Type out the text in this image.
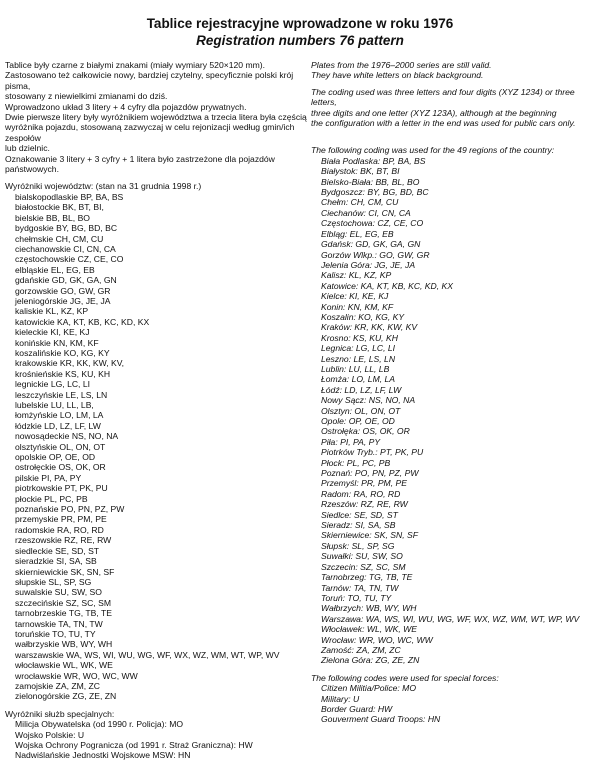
Tablice rejestracyjne wprowadzone w roku 1976

Registration numbers 76 pattern

Tablice były czarne z białymi znakami (miały wymiary 520×120 mm).

Zastosowano też całkowicie nowy, bardziej czytelny, specyficznie polski krój pisma,

stosowany z niewielkimi zmianami do dziś.

Wprowadzono układ 3 litery + 4 cyfry dla pojazdów prywatnych.

Dwie pierwsze litery były wyróżnikiem województwa a trzecia litera była częścią

wyróżnika pojazdu, stosowaną zazwyczaj w celu rejonizacji według gmin/ich zespołów

lub dzielnic.

Oznakowanie 3 litery + 3 cyfry + 1 litera było zastrzeżone dla pojazdów państwowych.

Wyróżniki województw: (stan na 31 grudnia 1998 r.)

bialskopodlaskie BP, BA, BS
białostockie BK, BT, BI,
bielskie BB, BL, BO
bydgoskie BY, BG, BD, BC
chełmskie CH, CM, CU
ciechanowskie CI, CN, CA
częstochowskie CZ, CE, CO
elbląskie EL, EG, EB
gdańskie GD, GK, GA, GN
gorzowskie GO, GW, GR
jeleniogórskie JG, JE, JA
kaliskie KL, KZ, KP
katowickie KA, KT, KB, KC, KD, KX
kieleckie KI, KE, KJ
konińskie KN, KM, KF
koszalińskie KO, KG, KY
krakowskie KR, KK, KW, KV,
krośnieńskie KS, KU, KH
legnickie LG, LC, LI
leszczyńskie LE, LS, LN
lubelskie LU, LL, LB,
łomżyńskie LO, LM, LA
łódzkie LD, LZ, LF, LW
nowosądeckie NS, NO, NA
olsztyńskie OL, ON, OT
opolskie OP, OE, OD
ostrołęckie OS, OK, OR
pilskie PI, PA, PY
piotrkowskie PT, PK, PU
płockie PL, PC, PB
poznańskie PO, PN, PZ, PW
przemyskie PR, PM, PE
radomskie RA, RO, RD
rzeszowskie RZ, RE, RW
siedleckie SE, SD, ST
sieradzkie SI, SA, SB
skierniewickie SK, SN, SF
słupskie SL, SP, SG
suwalskie SU, SW, SO
szczecińskie SZ, SC, SM
tarnobrzeskie TG, TB, TE
tarnowskie TA, TN, TW
toruńskie TO, TU, TY
wałbrzyskie WB, WY, WH
warszawskie WA, WS, WI, WU, WG, WF, WX, WZ, WM, WT, WP, WV
włocławskie WL, WK, WE
wrocławskie WR, WO, WC, WW
zamojskie ZA, ZM, ZC
zielonogórskie ZG, ZE, ZN

Wyróżniki służb specjalnych:

Milicja Obywatelska (od 1990 r. Policja): MO
Wojsko Polskie: U
Wojska Ochrony Pogranicza (od 1991 r. Straż Graniczna): HW
Nadwiślańskie Jednostki Wojskowe MSW: HN

Plates from the 1976–2000 series are still valid.

They have white letters on black background.

The coding used was three letters and four digits (XYZ 1234) or three letters,

three digits and one letter (XYZ 123A), although at the beginning

the configuration with a letter in the end was used for public cars only.

The following coding was used for the 49 regions of the country:

Biała Podlaska: BP, BA, BS
Białystok: BK, BT, BI
Bielsko-Biała: BB, BL, BO
Bydgoszcz: BY, BG, BD, BC
Chełm: CH, CM, CU
Ciechanów: CI, CN, CA
Częstochowa: CZ, CE, CO
Elbląg: EL, EG, EB
Gdańsk: GD, GK, GA, GN
Gorzów Wlkp.: GO, GW, GR
Jelenia Góra: JG, JE, JA
Kalisz: KL, KZ, KP
Katowice: KA, KT, KB, KC, KD, KX
Kielce: KI, KE, KJ
Konin: KN, KM, KF
Koszalin: KO, KG, KY
Kraków: KR, KK, KW, KV
Krosno: KS, KU, KH
Legnica: LG, LC, LI
Leszno: LE, LS, LN
Lublin: LU, LL, LB
Łomża: LO, LM, LA
Łódź: LD, LZ, LF, LW
Nowy Sącz: NS, NO, NA
Olsztyn: OL, ON, OT
Opole: OP, OE, OD
Ostrołęka: OS, OK, OR
Piła: PI, PA, PY
Piotrków Tryb.: PT, PK, PU
Płock: PL, PC, PB
Poznań: PO, PN, PZ, PW
Przemyśl: PR, PM, PE
Radom: RA, RO, RD
Rzeszów: RZ, RE, RW
Siedlce: SE, SD, ST
Sieradz: SI, SA, SB
Skierniewice: SK, SN, SF
Słupsk: SL, SP, SG
Suwałki: SU, SW, SO
Szczecin: SZ, SC, SM
Tarnobrzeg: TG, TB, TE
Tarnów: TA, TN, TW
Toruń: TO, TU, TY
Wałbrzych: WB, WY, WH
Warszawa: WA, WS, WI, WU, WG, WF, WX, WZ, WM, WT, WP, WV
Włocławek: WL, WK, WE
Wrocław: WR, WO, WC, WW
Zamość: ZA, ZM, ZC
Zielona Góra: ZG, ZE, ZN

The following codes were used for special forces:

Citizen Militia/Police: MO
Military: U
Border Guard: HW
Gouverment Guard Troops: HN
